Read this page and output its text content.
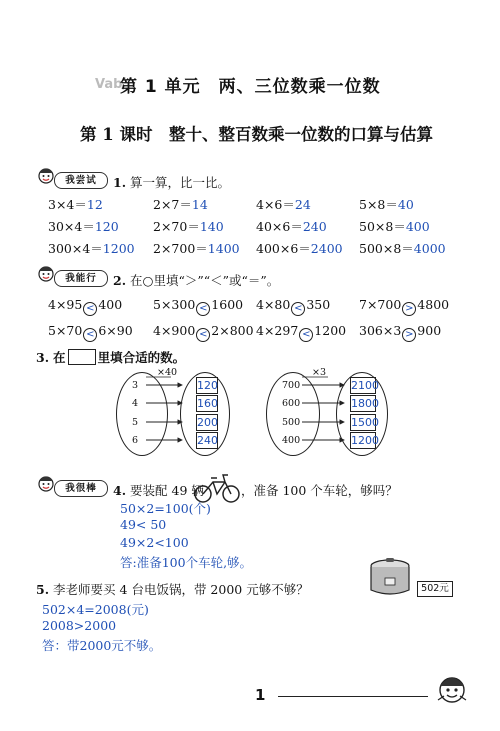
Vab
第 1 单元　两、三位数乘一位数
第 1 课时　整十、整百数乘一位数的口算与估算
我尝试	1. 算一算，比一比。
3×4＝12	2×7＝14	4×6＝24	5×8＝40
30×4＝120	2×70＝140	40×6＝240	50×8＝400
300×4＝1200 2×700＝1400 400×6＝2400 500×8＝4000
我能行	2. 在○里填“＞”“＜”或“＝”。
4×95 < 400 5×300 < 1600 4×80 < 350 7×700 > 4800
5×70 < 6×90 4×900 < 2×800 4×297 < 1200 306×3 > 900
3. 在	里填合适的数。
×40
3
4
5
6
120
160
200
240
×3
700
600
500
400
2100
1800
1500
1200
我很棒	4. 要装配 49 辆	，准备 100 个车轮，够吗？
50×2=100(个)
49< 50
49×2<100
答:准备100个车轮,够。
5. 李老师要买 4 台电饭锅，带 2000 元够不够？	502元
502×4=2008(元)
2008>2000
答：带2000元不够。
1
